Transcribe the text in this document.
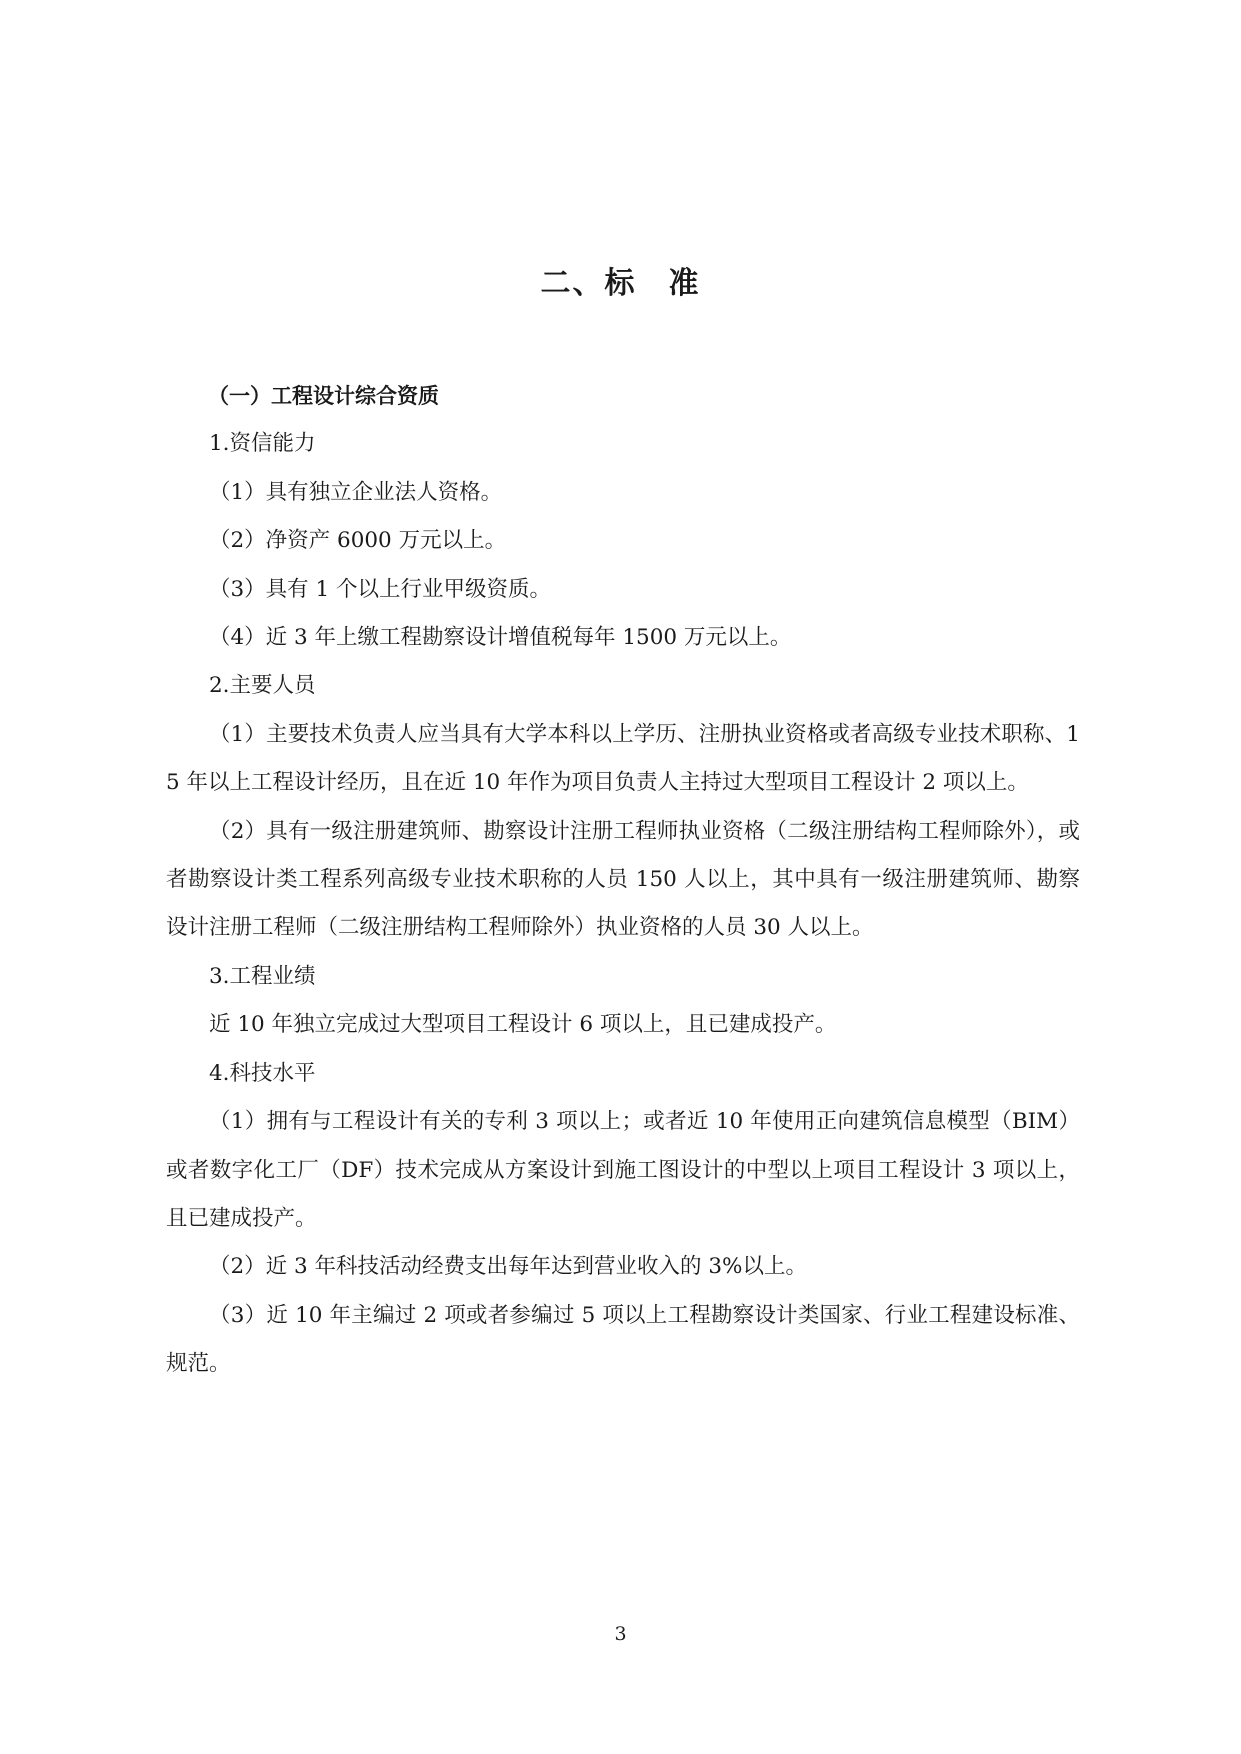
二、标　准

（一）工程设计综合资质

1.资信能力

（1）具有独立企业法人资格。

（2）净资产 6000 万元以上。

（3）具有 1 个以上行业甲级资质。

（4）近 3 年上缴工程勘察设计增值税每年 1500 万元以上。

2.主要人员

（1）主要技术负责人应当具有大学本科以上学历、注册执业资格或者高级专业技术职称、15 年以上工程设计经历，且在近 10 年作为项目负责人主持过大型项目工程设计 2 项以上。

（2）具有一级注册建筑师、勘察设计注册工程师执业资格（二级注册结构工程师除外），或者勘察设计类工程系列高级专业技术职称的人员 150 人以上，其中具有一级注册建筑师、勘察设计注册工程师（二级注册结构工程师除外）执业资格的人员 30 人以上。

3.工程业绩

近 10 年独立完成过大型项目工程设计 6 项以上，且已建成投产。

4.科技水平

（1）拥有与工程设计有关的专利 3 项以上；或者近 10 年使用正向建筑信息模型（BIM）或者数字化工厂（DF）技术完成从方案设计到施工图设计的中型以上项目工程设计 3 项以上，且已建成投产。

（2）近 3 年科技活动经费支出每年达到营业收入的 3%以上。

（3）近 10 年主编过 2 项或者参编过 5 项以上工程勘察设计类国家、行业工程建设标准、规范。

3
